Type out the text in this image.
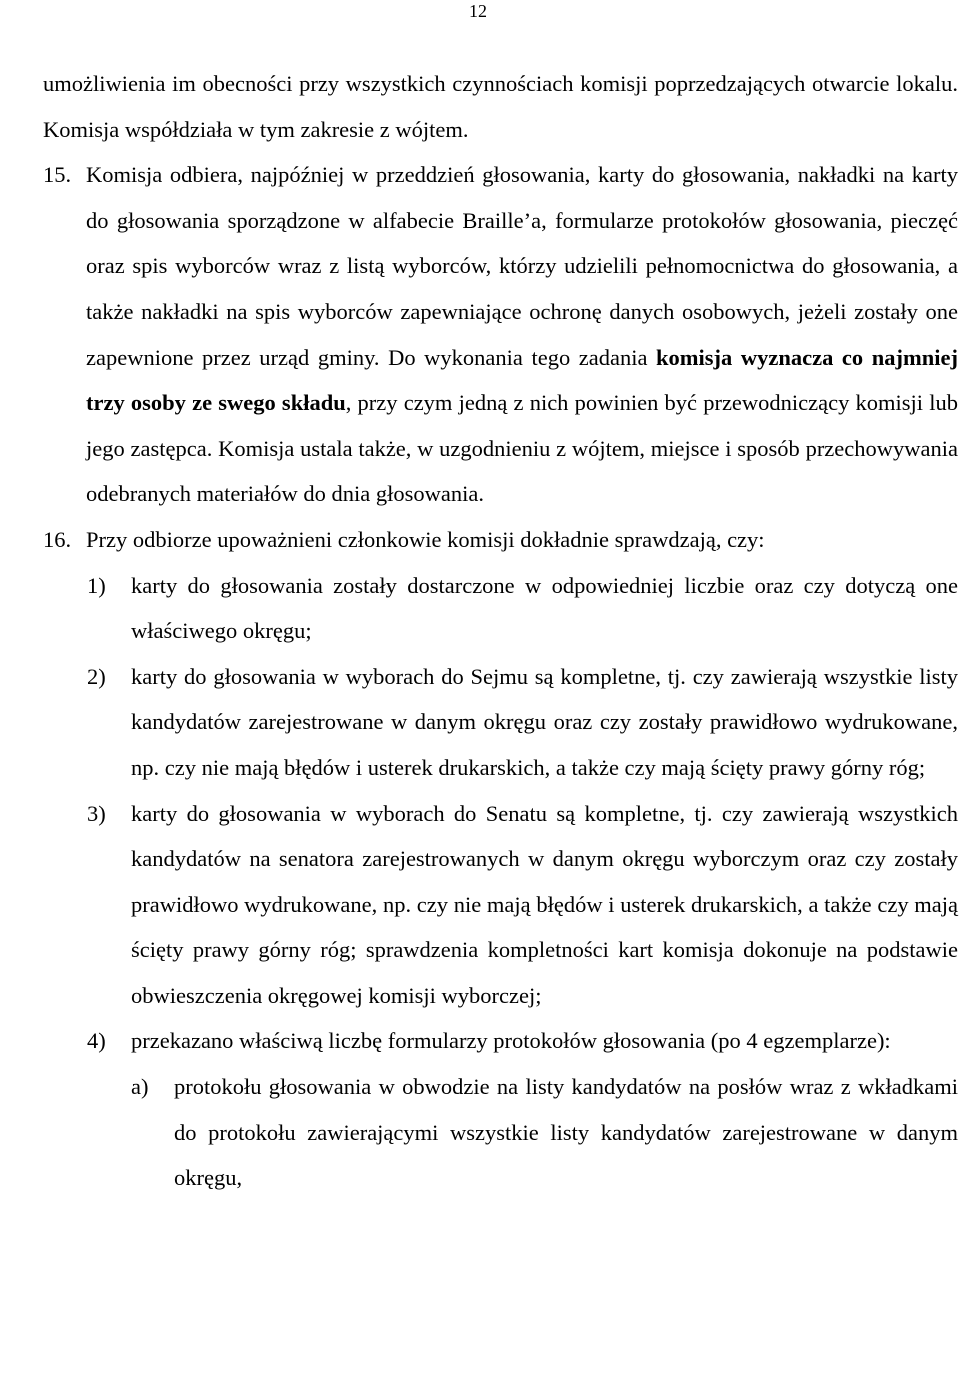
12

umożliwienia im obecności przy wszystkich czynnościach komisji poprzedzających otwarcie lokalu. Komisja współdziała w tym zakresie z wójtem.

15. Komisja odbiera, najpóźniej w przeddzień głosowania, karty do głosowania, nakładki na karty do głosowania sporządzone w alfabecie Braille’a, formularze protokołów głosowania, pieczęć oraz spis wyborców wraz z listą wyborców, którzy udzielili pełnomocnictwa do głosowania, a także nakładki na spis wyborców zapewniające ochronę danych osobowych, jeżeli zostały one zapewnione przez urząd gminy. Do wykonania tego zadania komisja wyznacza co najmniej trzy osoby ze swego składu, przy czym jedną z nich powinien być przewodniczący komisji lub jego zastępca. Komisja ustala także, w uzgodnieniu z wójtem, miejsce i sposób przechowywania odebranych materiałów do dnia głosowania.

16. Przy odbiorze upoważnieni członkowie komisji dokładnie sprawdzają, czy:

1) karty do głosowania zostały dostarczone w odpowiedniej liczbie oraz czy dotyczą one właściwego okręgu;
2) karty do głosowania w wyborach do Sejmu są kompletne, tj. czy zawierają wszystkie listy kandydatów zarejestrowane w danym okręgu oraz czy zostały prawidłowo wydrukowane, np. czy nie mają błędów i usterek drukarskich, a także czy mają ścięty prawy górny róg;
3) karty do głosowania w wyborach do Senatu są kompletne, tj. czy zawierają wszystkich kandydatów na senatora zarejestrowanych w danym okręgu wyborczym oraz czy zostały prawidłowo wydrukowane, np. czy nie mają błędów i usterek drukarskich, a także czy mają ścięty prawy górny róg; sprawdzenia kompletności kart komisja dokonuje na podstawie obwieszczenia okręgowej komisji wyborczej;
4) przekazano właściwą liczbę formularzy protokołów głosowania (po 4 egzemplarze):
a) protokołu głosowania w obwodzie na listy kandydatów na posłów wraz z wkładkami do protokołu zawierającymi wszystkie listy kandydatów zarejestrowane w danym okręgu,
